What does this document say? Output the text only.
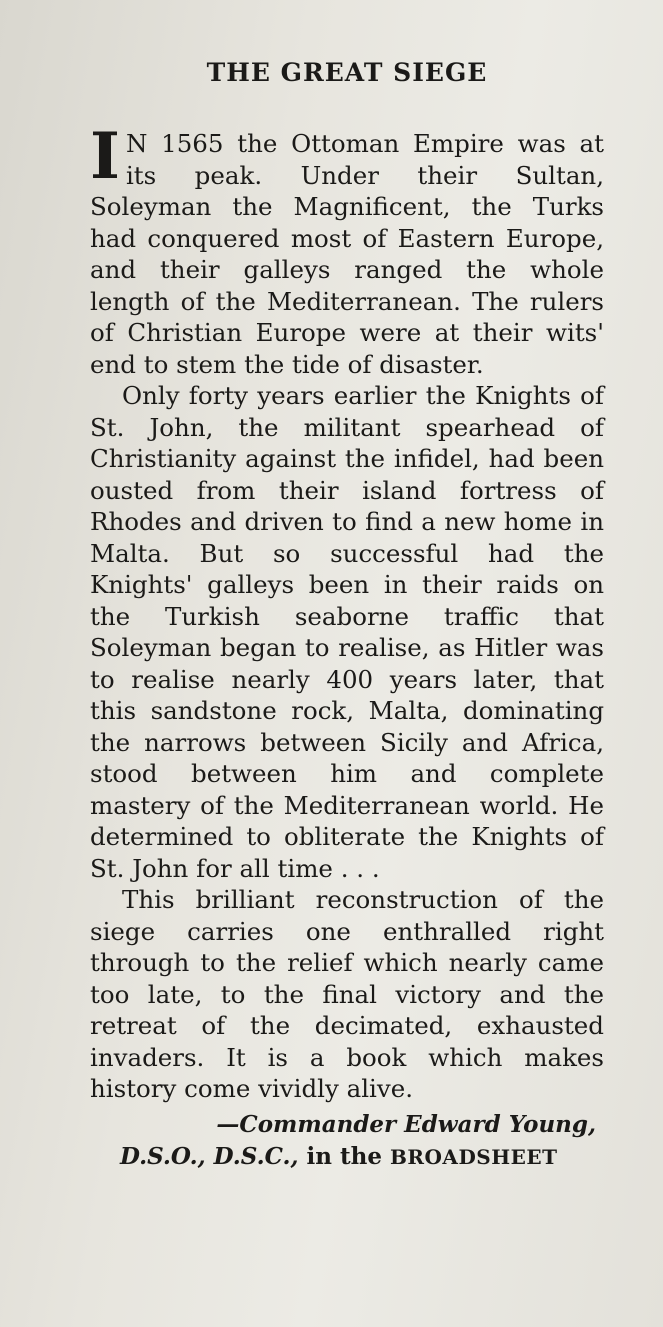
THE GREAT SIEGE

I N 1565 the Ottoman Empire was at its peak. Under their Sultan, Soleyman the Magnificent, the Turks had conquered most of Eastern Europe, and their galleys ranged the whole length of the Mediterranean. The rulers of Christian Europe were at their wits' end to stem the tide of disaster.

Only forty years earlier the Knights of St. John, the militant spearhead of Christianity against the infidel, had been ousted from their island fortress of Rhodes and driven to find a new home in Malta. But so successful had the Knights' galleys been in their raids on the Turkish seaborne traffic that Soleyman began to realise, as Hitler was to realise nearly 400 years later, that this sandstone rock, Malta, dominating the narrows between Sicily and Africa, stood between him and complete mastery of the Mediterranean world. He determined to obliterate the Knights of St. John for all time . . .

This brilliant reconstruction of the siege carries one enthralled right through to the relief which nearly came too late, to the final victory and the retreat of the decimated, exhausted invaders. It is a book which makes history come vividly alive.

—Commander Edward Young,
D.S.O., D.S.C., in the BROADSHEET
